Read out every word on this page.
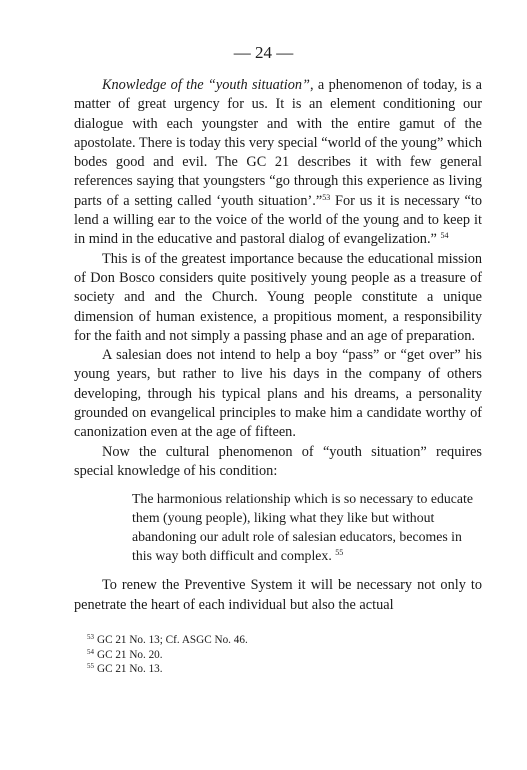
— 24 —

Knowledge of the “youth situation”, a phenomenon of today, is a matter of great urgency for us. It is an element conditioning our dialogue with each youngster and with the entire gamut of the apostolate. There is today this very special “world of the young” which bodes good and evil. The GC 21 describes it with few general references saying that youngsters “go through this experience as living parts of a setting called ‘youth situation’.”$^{53}$ For us it is necessary “to lend a willing ear to the voice of the world of the young and to keep it in mind in the educative and pastoral dialog of evangelization.” $^{54}$

This is of the greatest importance because the educational mission of Don Bosco considers quite positively young people as a treasure of society and and the Church. Young people constitute a unique dimension of human existence, a propitious moment, a responsibility for the faith and not simply a passing phase and an age of preparation.

A salesian does not intend to help a boy “pass” or “get over” his young years, but rather to live his days in the company of others developing, through his typical plans and his dreams, a personality grounded on evangelical principles to make him a candidate worthy of canonization even at the age of fifteen.

Now the cultural phenomenon of “youth situation” requires special knowledge of his condition:

The harmonious relationship which is so necessary to educate them (young people), liking what they like but without abandoning our adult role of salesian educators, becomes in this way both difficult and complex. $^{55}$

To renew the Preventive System it will be necessary not only to penetrate the heart of each individual but also the actual

$^{53}$ GC 21 No. 13; Cf. ASGC No. 46.
$^{54}$ GC 21 No. 20.
$^{55}$ GC 21 No. 13.
